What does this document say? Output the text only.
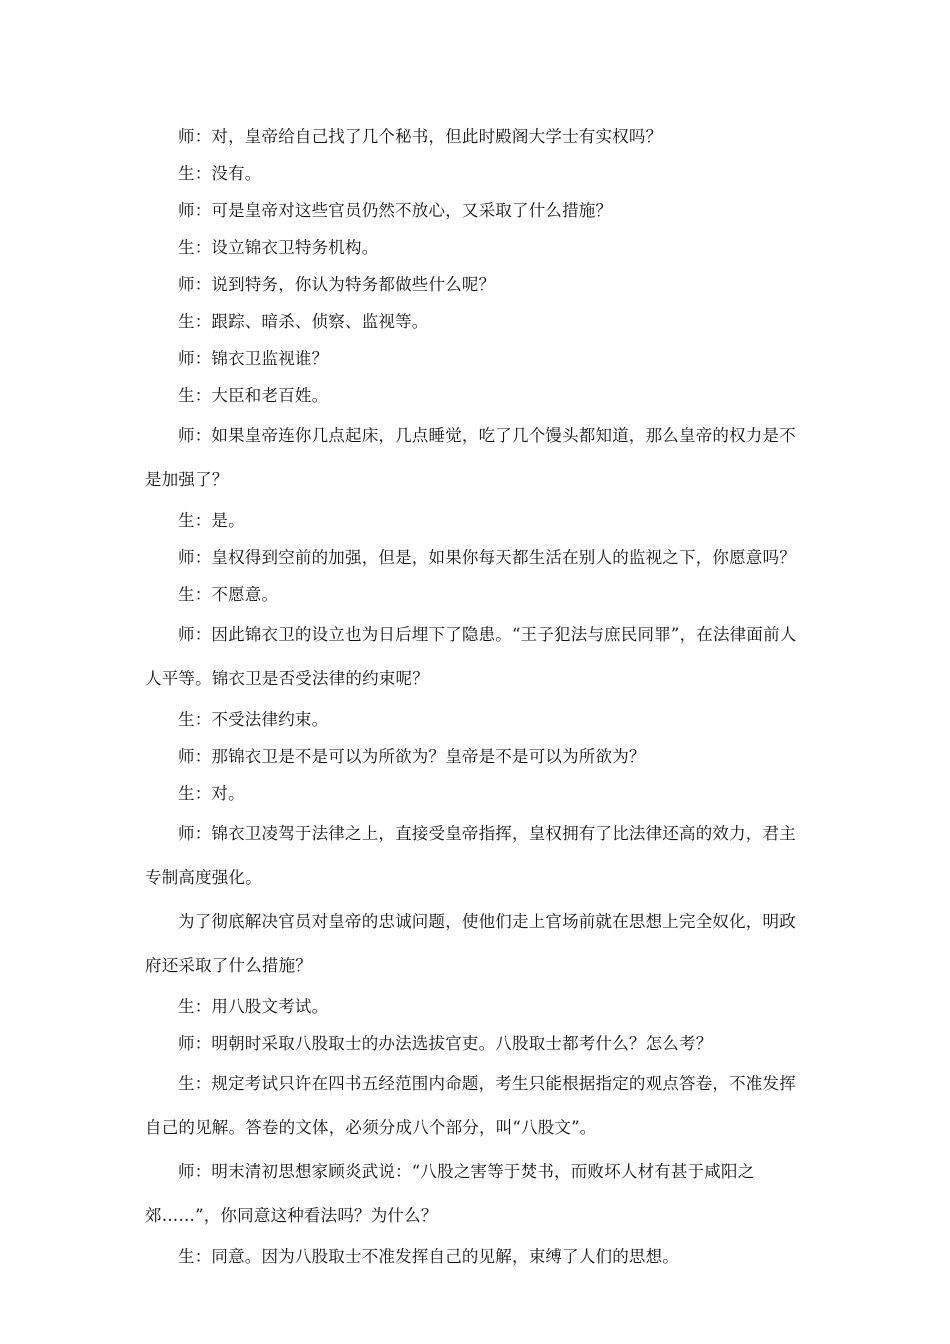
师：对，皇帝给自己找了几个秘书，但此时殿阁大学士有实权吗？

生：没有。

师：可是皇帝对这些官员仍然不放心，又采取了什么措施？

生：设立锦衣卫特务机构。

师：说到特务，你认为特务都做些什么呢？

生：跟踪、暗杀、侦察、监视等。

师：锦衣卫监视谁？

生：大臣和老百姓。

师：如果皇帝连你几点起床，几点睡觉，吃了几个馒头都知道，那么皇帝的权力是不是加强了？

生：是。

师：皇权得到空前的加强，但是，如果你每天都生活在别人的监视之下，你愿意吗？

生：不愿意。

师：因此锦衣卫的设立也为日后埋下了隐患。“王子犯法与庶民同罪”，在法律面前人人平等。锦衣卫是否受法律的约束呢？

生：不受法律约束。

师：那锦衣卫是不是可以为所欲为？皇帝是不是可以为所欲为？

生：对。

师：锦衣卫凌驾于法律之上，直接受皇帝指挥，皇权拥有了比法律还高的效力，君主专制高度强化。

为了彻底解决官员对皇帝的忠诚问题，使他们走上官场前就在思想上完全奴化，明政府还采取了什么措施？

生：用八股文考试。

师：明朝时采取八股取士的办法选拔官吏。八股取士都考什么？怎么考？

生：规定考试只许在四书五经范围内命题，考生只能根据指定的观点答卷，不准发挥自己的见解。答卷的文体，必须分成八个部分，叫“八股文”。

师：明末清初思想家顾炎武说：“八股之害等于焚书，而败坏人材有甚于咸阳之郊……”，你同意这种看法吗？为什么？

生：同意。因为八股取士不准发挥自己的见解，束缚了人们的思想。
